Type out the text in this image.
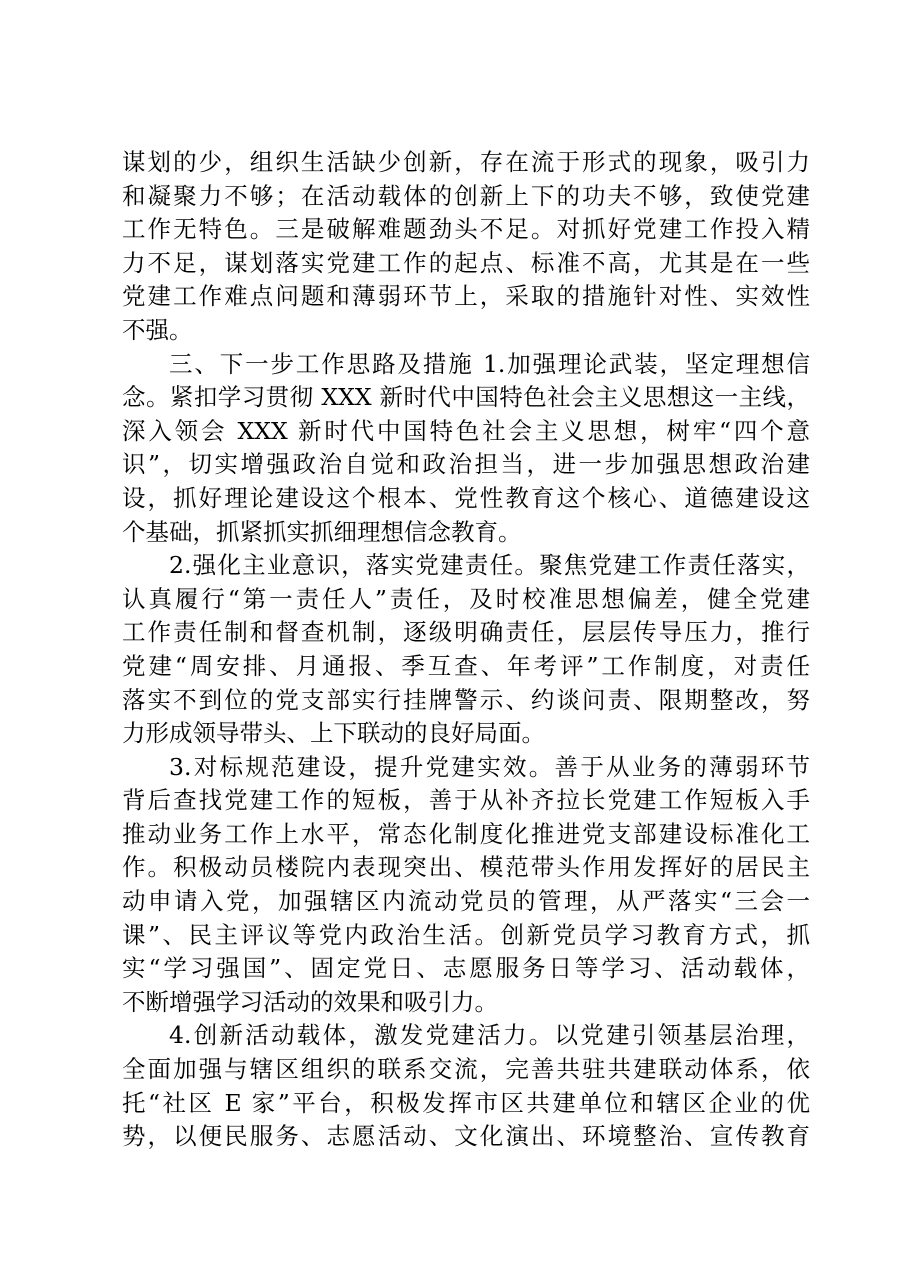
谋划的少，组织生活缺少创新，存在流于形式的现象，吸引力
和凝聚力不够；在活动载体的创新上下的功夫不够，致使党建
工作无特色。三是破解难题劲头不足。对抓好党建工作投入精
力不足，谋划落实党建工作的起点、标准不高，尤其是在一些
党建工作难点问题和薄弱环节上，采取的措施针对性、实效性
不强。

三、下一步工作思路及措施 1.加强理论武装，坚定理想信
念。紧扣学习贯彻 XXX 新时代中国特色社会主义思想这一主线，
深入领会 XXX 新时代中国特色社会主义思想，树牢“四个意
识”，切实增强政治自觉和政治担当，进一步加强思想政治建
设，抓好理论建设这个根本、党性教育这个核心、道德建设这
个基础，抓紧抓实抓细理想信念教育。

2.强化主业意识，落实党建责任。聚焦党建工作责任落实，
认真履行“第一责任人”责任，及时校准思想偏差，健全党建
工作责任制和督查机制，逐级明确责任，层层传导压力，推行
党建“周安排、月通报、季互查、年考评”工作制度，对责任
落实不到位的党支部实行挂牌警示、约谈问责、限期整改，努
力形成领导带头、上下联动的良好局面。

3.对标规范建设，提升党建实效。善于从业务的薄弱环节
背后查找党建工作的短板，善于从补齐拉长党建工作短板入手
推动业务工作上水平，常态化制度化推进党支部建设标准化工
作。积极动员楼院内表现突出、模范带头作用发挥好的居民主
动申请入党，加强辖区内流动党员的管理，从严落实“三会一
课”、民主评议等党内政治生活。创新党员学习教育方式，抓
实“学习强国”、固定党日、志愿服务日等学习、活动载体，
不断增强学习活动的效果和吸引力。

4.创新活动载体，激发党建活力。以党建引领基层治理，
全面加强与辖区组织的联系交流，完善共驻共建联动体系，依
托“社区 E 家”平台，积极发挥市区共建单位和辖区企业的优
势，以便民服务、志愿活动、文化演出、环境整治、宣传教育
